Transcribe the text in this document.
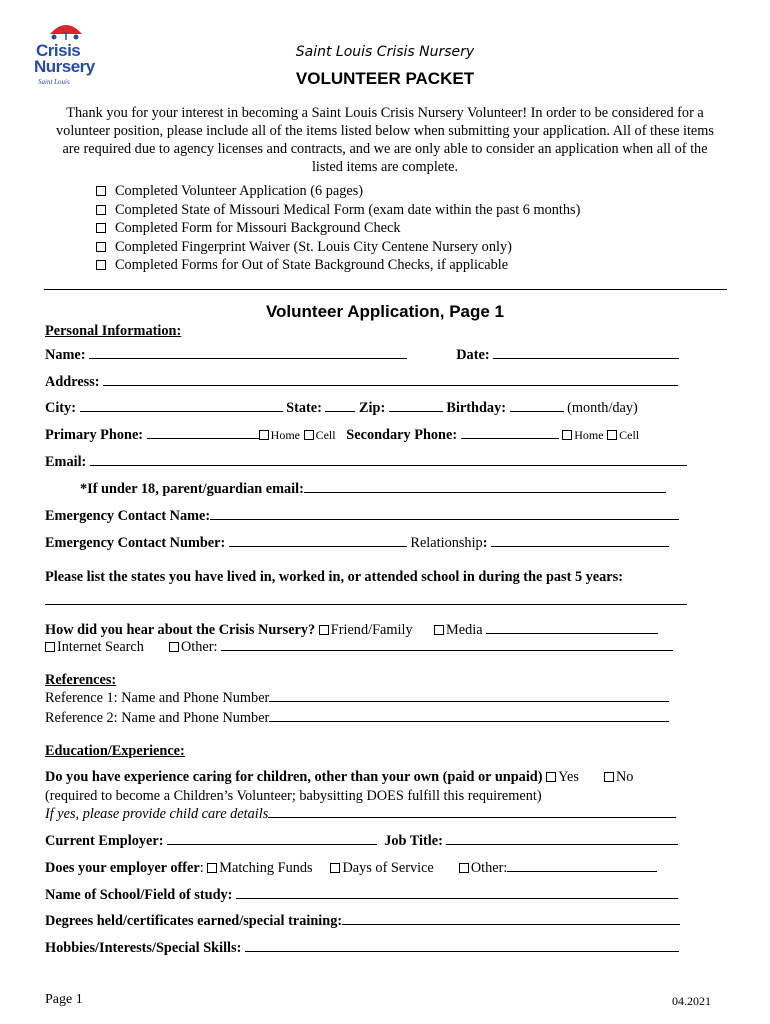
Crisis
Nursery
Saint Louis
Saint Louis Crisis Nursery
VOLUNTEER PACKET
Thank you for your interest in becoming a Saint Louis Crisis Nursery Volunteer! In order to be considered for a volunteer position, please include all of the items listed below when submitting your application. All of these items are required due to agency licenses and contracts, and we are only able to consider an application when all of the listed items are complete.
Completed Volunteer Application (6 pages)
Completed State of Missouri Medical Form (exam date within the past 6 months)
Completed Form for Missouri Background Check
Completed Fingerprint Waiver (St. Louis City Centene Nursery only)
Completed Forms for Out of State Background Checks, if applicable
Volunteer Application, Page 1
Personal Information:
Name:	Date:
Address:
City:	State:	Zip:	Birthday:	(month/day)
Primary Phone:	Home Cell Secondary Phone:	Home Cell
Email:
*If under 18, parent/guardian email:
Emergency Contact Name:
Emergency Contact Number:	Relationship:
Please list the states you have lived in, worked in, or attended school in during the past 5 years:
How did you hear about the Crisis Nursery? Friend/Family Media
Internet Search	Other:
References:
Reference 1: Name and Phone Number
Reference 2: Name and Phone Number
Education/Experience:
Do you have experience caring for children, other than your own (paid or unpaid) Yes	No
(required to become a Children’s Volunteer; babysitting DOES fulfill this requirement)
If yes, please provide child care details
Current Employer:	Job Title:
Does your employer offer: Matching Funds Days of Service	Other:
Name of School/Field of study:
Degrees held/certificates earned/special training:
Hobbies/Interests/Special Skills:
Page 1	04.2021
